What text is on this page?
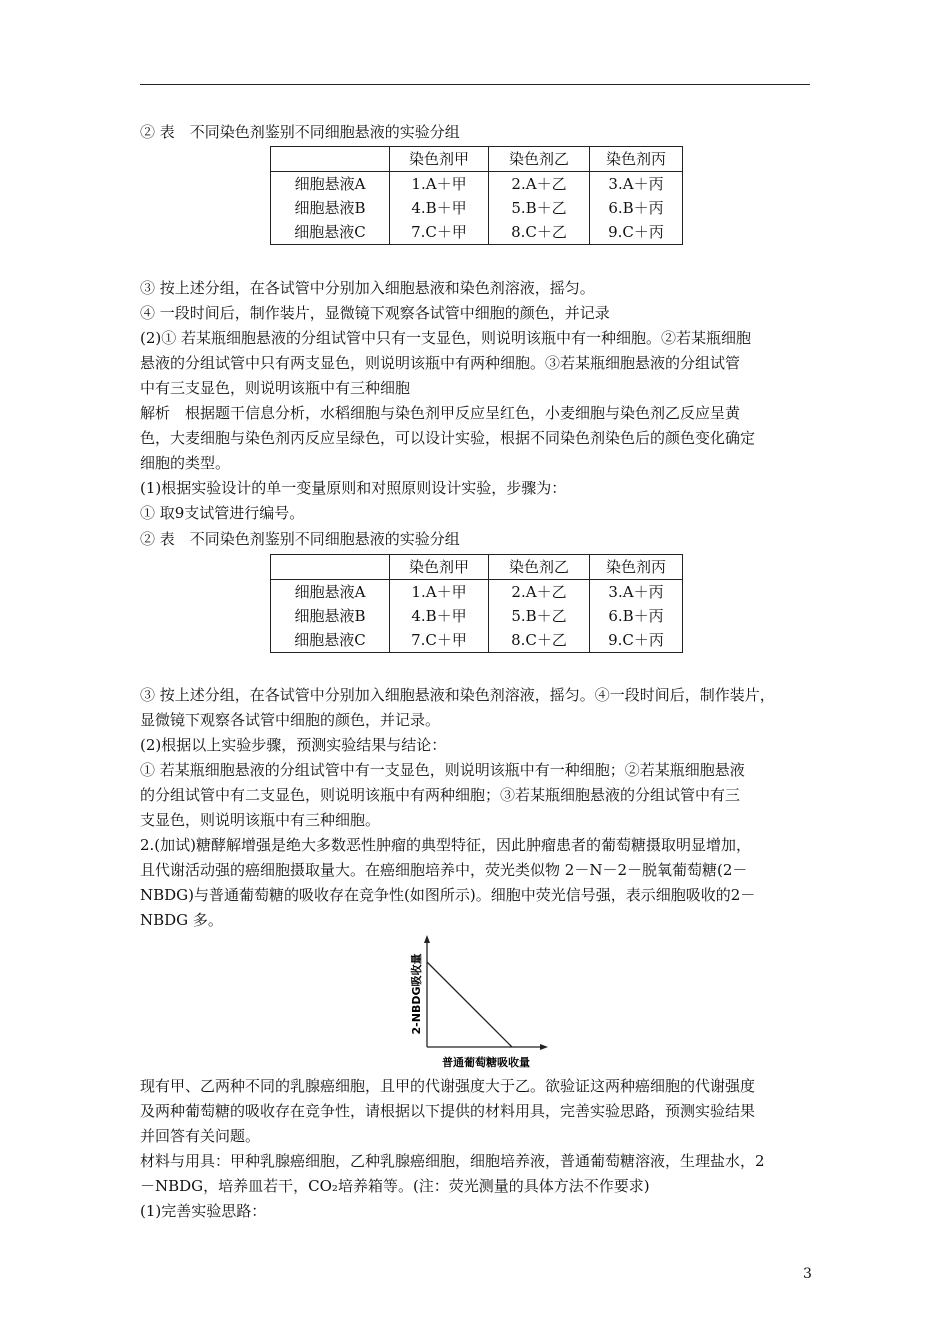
② 表　不同染色剂鉴别不同细胞悬液的实验分组
	染色剂甲	染色剂乙	染色剂丙
细胞悬液A	1.A＋甲	2.A＋乙	3.A＋丙
细胞悬液B	4.B＋甲	5.B＋乙	6.B＋丙
细胞悬液C	7.C＋甲	8.C＋乙	9.C＋丙
③ 按上述分组，在各试管中分别加入细胞悬液和染色剂溶液，摇匀。
④ 一段时间后，制作装片，显微镜下观察各试管中细胞的颜色，并记录
(2)① 若某瓶细胞悬液的分组试管中只有一支显色，则说明该瓶中有一种细胞。②若某瓶细胞
悬液的分组试管中只有两支显色，则说明该瓶中有两种细胞。③若某瓶细胞悬液的分组试管
中有三支显色，则说明该瓶中有三种细胞
解析　根据题干信息分析，水稻细胞与染色剂甲反应呈红色，小麦细胞与染色剂乙反应呈黄
色，大麦细胞与染色剂丙反应呈绿色，可以设计实验，根据不同染色剂染色后的颜色变化确定
细胞的类型。
(1)根据实验设计的单一变量原则和对照原则设计实验，步骤为：
① 取9支试管进行编号。
② 表　不同染色剂鉴别不同细胞悬液的实验分组
	染色剂甲	染色剂乙	染色剂丙
细胞悬液A	1.A＋甲	2.A＋乙	3.A＋丙
细胞悬液B	4.B＋甲	5.B＋乙	6.B＋丙
细胞悬液C	7.C＋甲	8.C＋乙	9.C＋丙
③ 按上述分组，在各试管中分别加入细胞悬液和染色剂溶液，摇匀。④一段时间后，制作装片，
显微镜下观察各试管中细胞的颜色，并记录。
(2)根据以上实验步骤，预测实验结果与结论：
① 若某瓶细胞悬液的分组试管中有一支显色，则说明该瓶中有一种细胞；②若某瓶细胞悬液
的分组试管中有二支显色，则说明该瓶中有两种细胞；③若某瓶细胞悬液的分组试管中有三
支显色，则说明该瓶中有三种细胞。
2.(加试)糖酵解增强是绝大多数恶性肿瘤的典型特征，因此肿瘤患者的葡萄糖摄取明显增加，
且代谢活动强的癌细胞摄取量大。在癌细胞培养中，荧光类似物 2－N－2－脱氧葡萄糖(2－
NBDG)与普通葡萄糖的吸收存在竞争性(如图所示)。细胞中荧光信号强，表示细胞吸收的2－
NBDG 多。
2-NBDG吸收量
普通葡萄糖吸收量
现有甲、乙两种不同的乳腺癌细胞，且甲的代谢强度大于乙。欲验证这两种癌细胞的代谢强度
及两种葡萄糖的吸收存在竞争性，请根据以下提供的材料用具，完善实验思路，预测实验结果
并回答有关问题。
材料与用具：甲种乳腺癌细胞，乙种乳腺癌细胞，细胞培养液，普通葡萄糖溶液，生理盐水，2
－NBDG，培养皿若干，CO₂培养箱等。(注：荧光测量的具体方法不作要求)
(1)完善实验思路：
3
